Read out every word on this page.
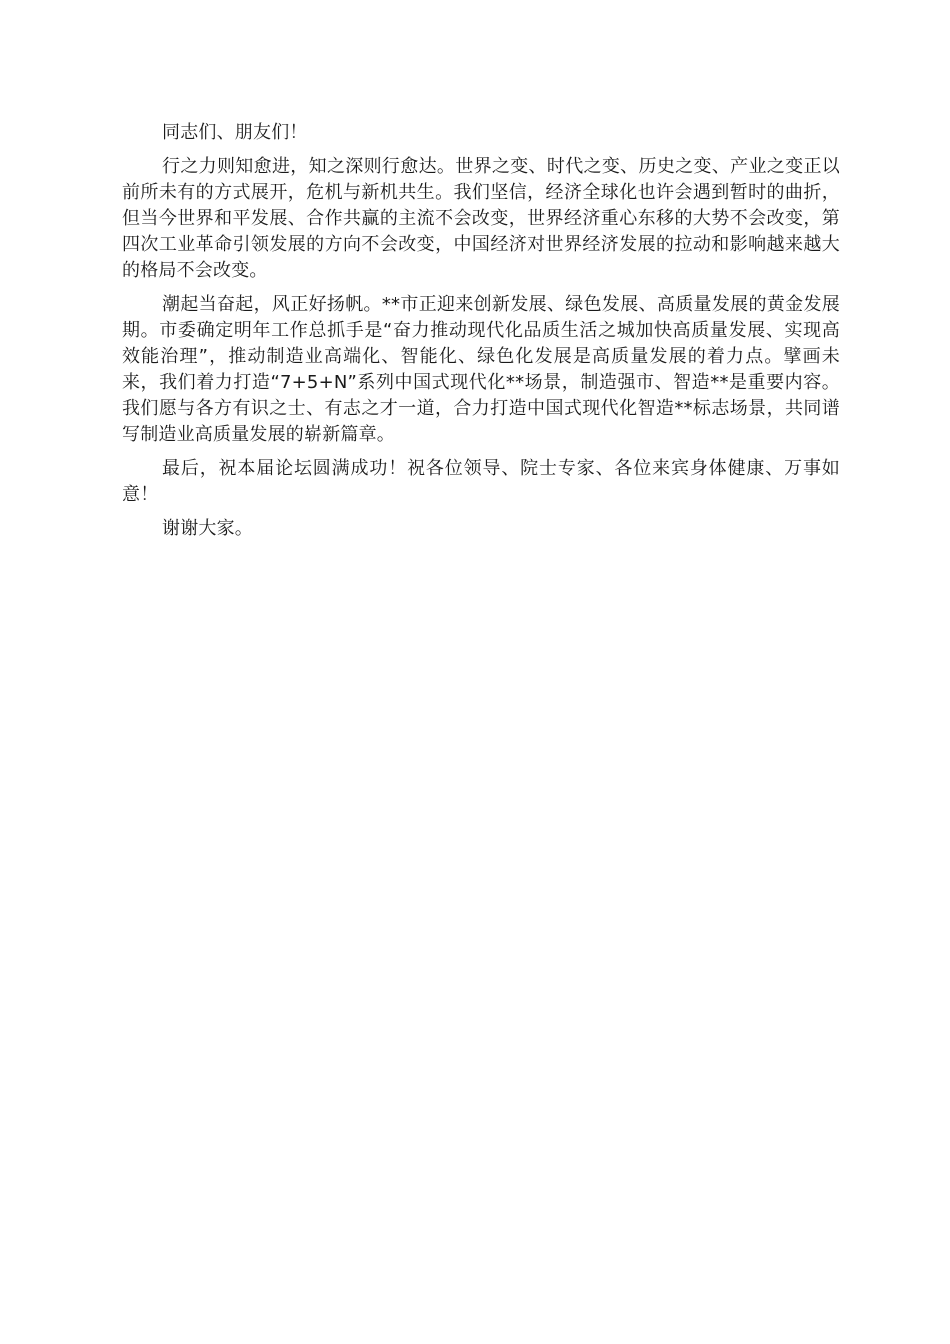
同志们、朋友们！

行之力则知愈进，知之深则行愈达。世界之变、时代之变、历史之变、产业之变正以前所未有的方式展开，危机与新机共生。我们坚信，经济全球化也许会遇到暂时的曲折，但当今世界和平发展、合作共赢的主流不会改变，世界经济重心东移的大势不会改变，第四次工业革命引领发展的方向不会改变，中国经济对世界经济发展的拉动和影响越来越大的格局不会改变。

潮起当奋起，风正好扬帆。**市正迎来创新发展、绿色发展、高质量发展的黄金发展期。市委确定明年工作总抓手是“奋力推动现代化品质生活之城加快高质量发展、实现高效能治理”，推动制造业高端化、智能化、绿色化发展是高质量发展的着力点。擘画未来，我们着力打造“7+5+N”系列中国式现代化**场景，制造强市、智造**是重要内容。我们愿与各方有识之士、有志之才一道，合力打造中国式现代化智造**标志场景，共同谱写制造业高质量发展的崭新篇章。

最后，祝本届论坛圆满成功！祝各位领导、院士专家、各位来宾身体健康、万事如意！

谢谢大家。
